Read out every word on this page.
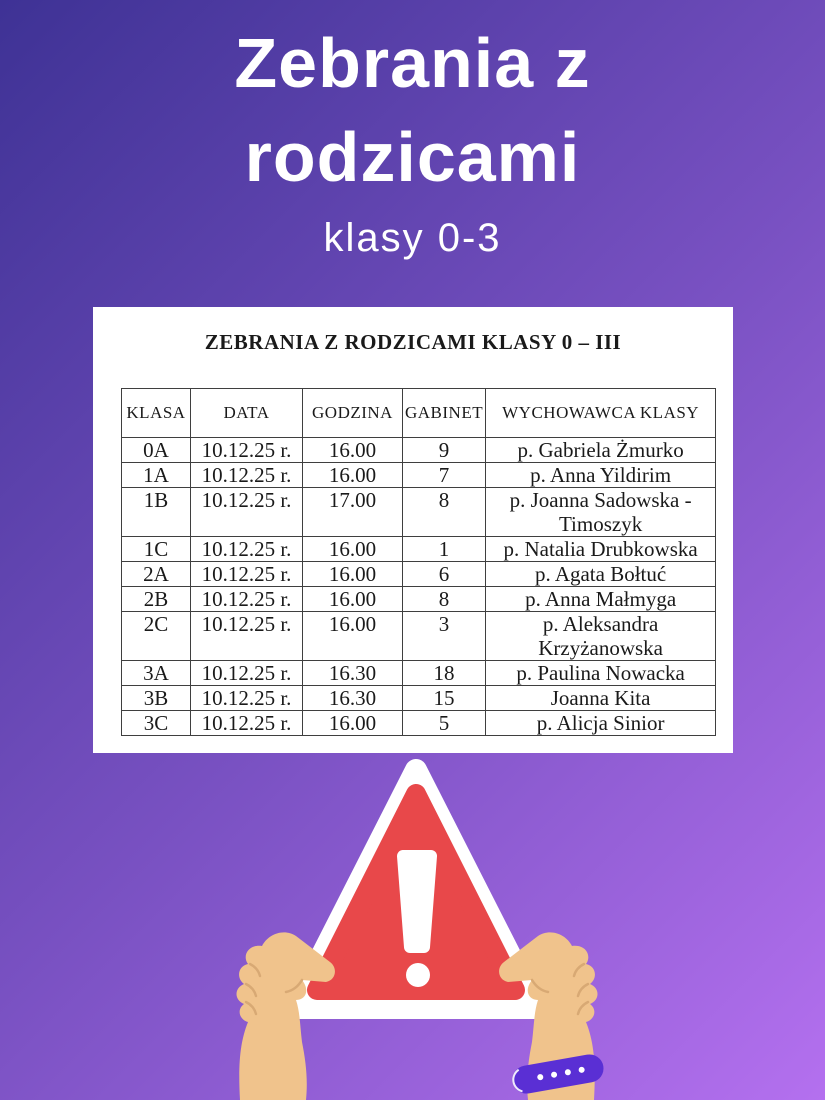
Zebrania z
rodzicami
klasy 0-3
ZEBRANIA Z RODZICAMI KLASY 0 – III
KLASA	DATA	GODZINA	GABINET	WYCHOWAWCA KLASY
0A	10.12.25 r.	16.00	9	p. Gabriela Żmurko
1A	10.12.25 r.	16.00	7	p. Anna Yildirim
1B	10.12.25 r.	17.00	8	p. Joanna Sadowska - Timoszyk
1C	10.12.25 r.	16.00	1	p. Natalia Drubkowska
2A	10.12.25 r.	16.00	6	p. Agata Bołtuć
2B	10.12.25 r.	16.00	8	p. Anna Małmyga
2C	10.12.25 r.	16.00	3	p. Aleksandra Krzyżanowska
3A	10.12.25 r.	16.30	18	p. Paulina Nowacka
3B	10.12.25 r.	16.30	15	Joanna Kita
3C	10.12.25 r.	16.00	5	p. Alicja Sinior
